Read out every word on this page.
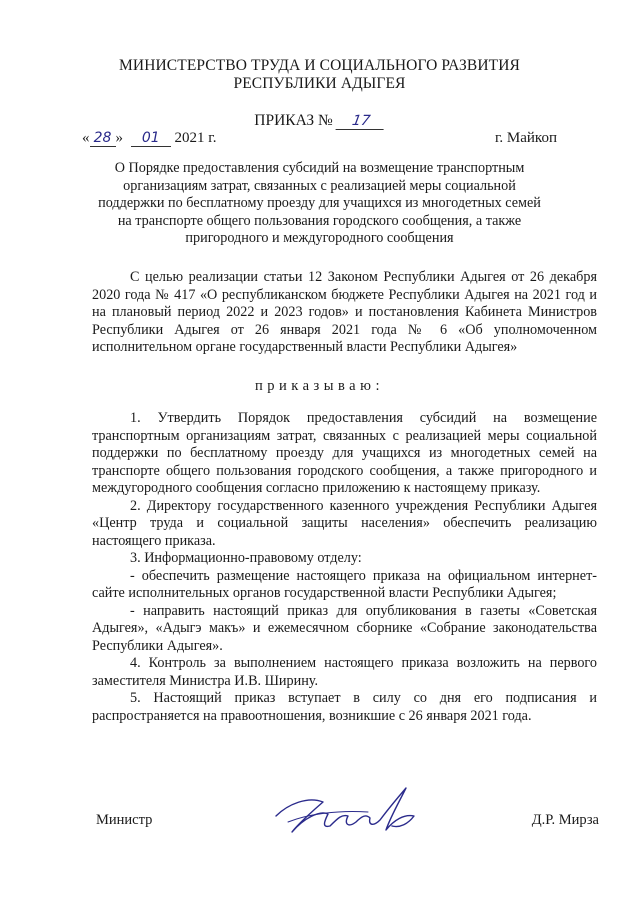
МИНИСТЕРСТВО ТРУДА И СОЦИАЛЬНОГО РАЗВИТИЯ
РЕСПУБЛИКИ АДЫГЕЯ
ПРИКАЗ № 17
« 28 » 01 2021 г.	г. Майкоп
О Порядке предоставления субсидий на возмещение транспортным организациям затрат, связанных с реализацией меры социальной поддержки по бесплатному проезду для учащихся из многодетных семей на транспорте общего пользования городского сообщения, а также пригородного и междугородного сообщения

С целью реализации статьи 12 Законом Республики Адыгея от 26 декабря 2020 года № 417 «О республиканском бюджете Республики Адыгея на 2021 год и на плановый период 2022 и 2023 годов» и постановления Кабинета Министров Республики Адыгея от 26 января 2021 года № 6 «Об уполномоченном исполнительном органе государственный власти Республики Адыгея»

приказываю:

1. Утвердить Порядок предоставления субсидий на возмещение транспортным организациям затрат, связанных с реализацией меры социальной поддержки по бесплатному проезду для учащихся из многодетных семей на транспорте общего пользования городского сообщения, а также пригородного и междугородного сообщения согласно приложению к настоящему приказу.

2. Директору государственного казенного учреждения Республики Адыгея «Центр труда и социальной защиты населения» обеспечить реализацию настоящего приказа.

3. Информационно-правовому отделу:

- обеспечить размещение настоящего приказа на официальном интернет-сайте исполнительных органов государственной власти Республики Адыгея;

- направить настоящий приказ для опубликования в газеты «Советская Адыгея», «Адыгэ макъ» и ежемесячном сборнике «Собрание законодательства Республики Адыгея».

4. Контроль за выполнением настоящего приказа возложить на первого заместителя Министра И.В. Ширину.

5. Настоящий приказ вступает в силу со дня его подписания и распространяется на правоотношения, возникшие с 26 января 2021 года.

Министр	Д.Р. Мирза
